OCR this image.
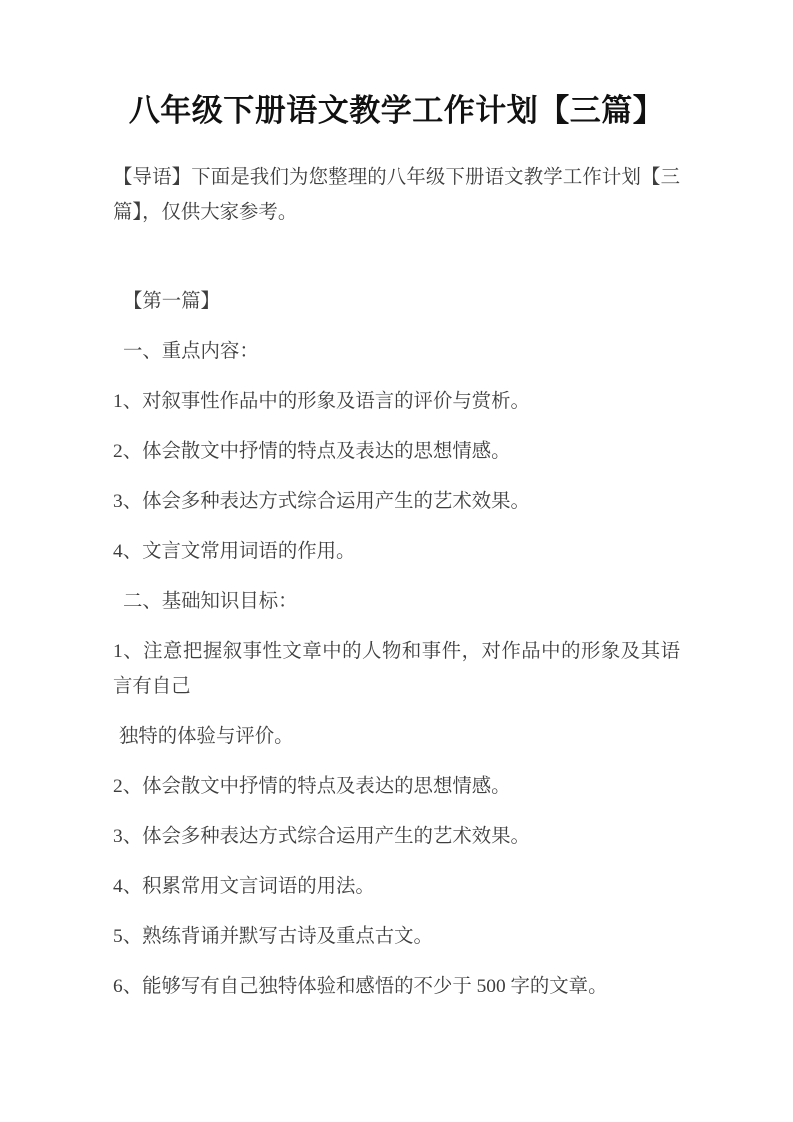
八年级下册语文教学工作计划【三篇】

【导语】下面是我们为您整理的八年级下册语文教学工作计划【三篇】，仅供大家参考。

【第一篇】

一、重点内容：

1、对叙事性作品中的形象及语言的评价与赏析。

2、体会散文中抒情的特点及表达的思想情感。

3、体会多种表达方式综合运用产生的艺术效果。

4、文言文常用词语的作用。

二、基础知识目标：

1、注意把握叙事性文章中的人物和事件，对作品中的形象及其语言有自己

独特的体验与评价。

2、体会散文中抒情的特点及表达的思想情感。

3、体会多种表达方式综合运用产生的艺术效果。

4、积累常用文言词语的用法。

5、熟练背诵并默写古诗及重点古文。

6、能够写有自己独特体验和感悟的不少于 500 字的文章。
